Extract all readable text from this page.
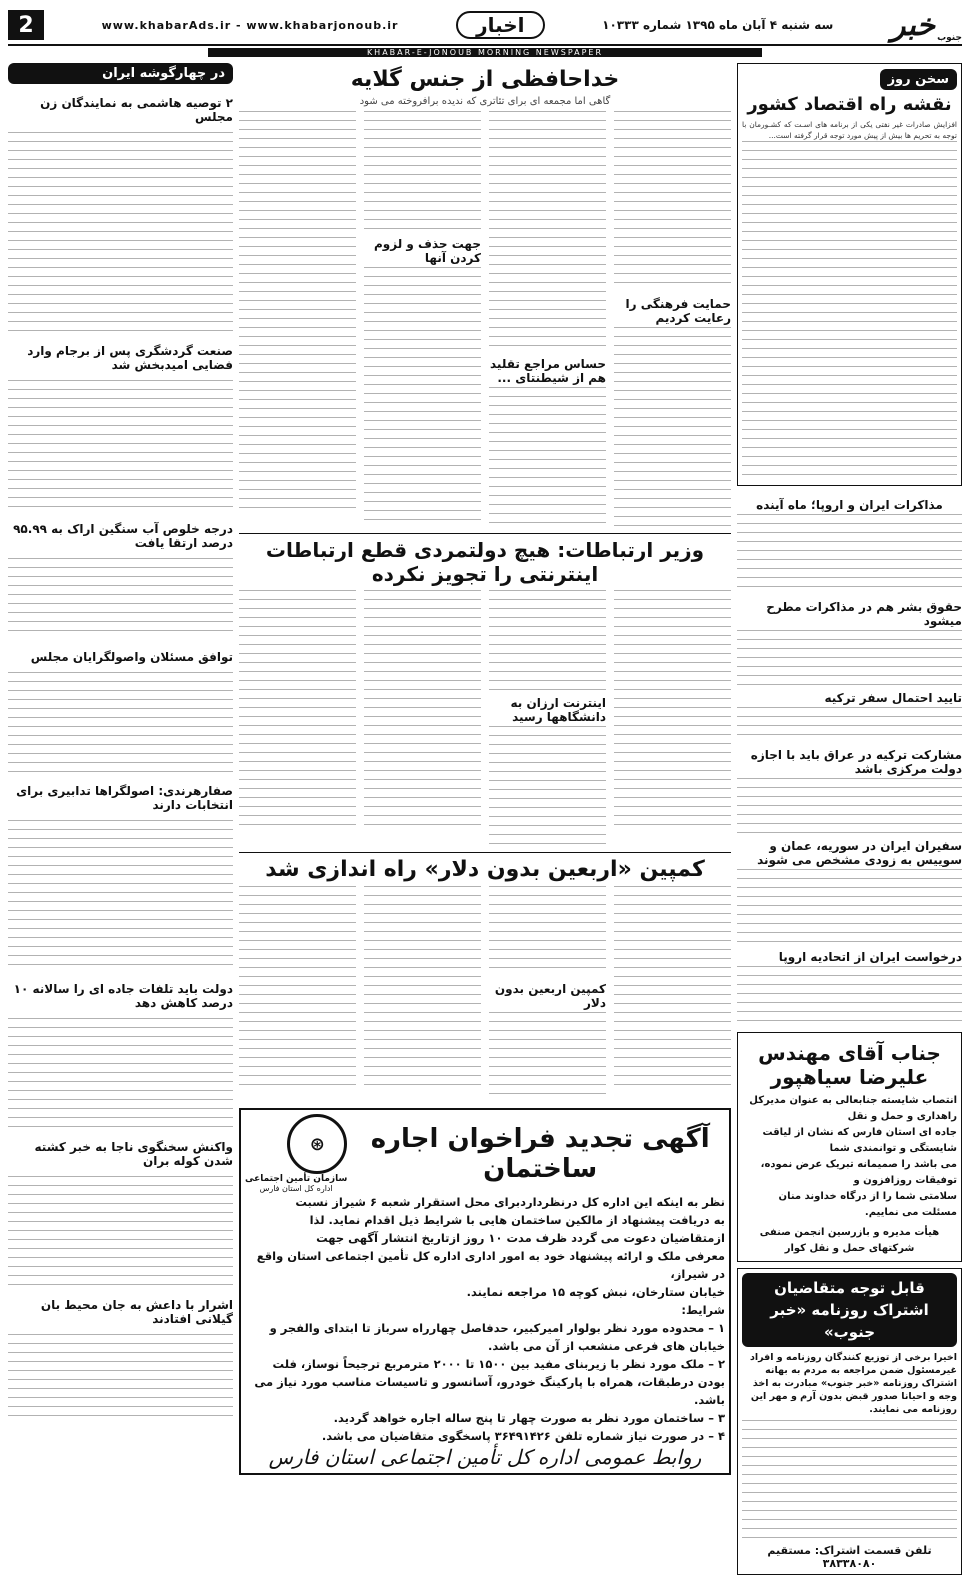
2	www.khabarAds.ir - www.khabarjonoub.ir	اخبار	سه شنبه ۴ آبان ماه ۱۳۹۵ شماره ۱۰۳۳۳ خبر جنوب
KHABAR-E-JONOUB MORNING NEWSPAPER
سخن روز
نقشه راه اقتصاد کشور
افزایش صادرات غیر نفتی یکی از برنامه های اسـت که کشـورمان با توجه به تحریم ها بیش از پیش مورد توجه قرار گرفته است...
مذاکرات ایران و اروپا؛ ماه آینده
حقوق بشر هم در مذاکرات مطرح میشود
تایید احتمال سفر ترکیه
مشارکت ترکیه در عراق باید با اجازه دولت مرکزی باشد
سفیران ایران در سوریه، عمان و سوییس به زودی مشخص می شوند
درخواست ایران از اتحادیه اروپا
جناب آقای مهندس علیرضا سیاهپور
انتصاب شایسته جنابعالی به عنوان مدیرکل راهداری و حمل و نقل
جاده ای استان فارس که نشان از لیاقت شایستگی و توانمندی شما
می باشد را صمیمانه تبریک عرض نموده، توفیقات روزافزون و
سلامتی شما را از درگاه خداوند منان مسئلت می نماییم.
هیأت مدیره و بازرسین انجمن صنفی
شرکتهای حمل و نقل کوار
قابل توجه متقاضیان
اشتراک روزنامه «خبر جنوب»
اخیرا برخی از توزیع کنندگان روزنامه و افراد غیرمسئول ضمن مراجعه به مردم به بهانه اشتراک روزنامه «خبر جنوب» مبادرت به اخذ وجه و احیانا صدور قبض بدون آرم و مهر این روزنامه می نمایند.
تلفن قسمت اشتراک: مستقیم ۳۸۳۳۸۰۸۰
خداحافظی از جنس گلایه
گاهی اما مجمعه ای برای تئاتری که ندیده برافروخته می شود
حمایت فرهنگی را رعایت کردیم
حساس مراجع تقلید هم از شیطنتای ...
جهت حذف و لزوم کردن آنها
وزیر ارتباطات: هیچ دولتمردی قطع ارتباطات اینترنتی را تجویز نکرده
اینترنت ارزان به دانشگاهها رسید
کمپین «اربعین بدون دلار» راه اندازی شد
کمپین اربعین بدون دلار
آگهی تجدید فراخوان اجاره ساختمان
⊛
سازمان تأمین اجتماعی
اداره کل استان فارس
نظر به اینکه این اداره کل درنظرداردبرای محل استقرار شعبه ۶ شیراز نسبت
به دریافت پیشنهاد از مالکین ساختمان هایی با شرایط ذیل اقدام نماید. لذا
ازمتقاضیان دعوت می گردد ظرف مدت ۱۰ روز ازتاریخ انتشار آگهی جهت
معرفی ملک و ارائه پیشنهاد خود به امور اداری اداره کل تأمین اجتماعی استان واقع در شیراز،
خیابان ستارخان، نبش کوچه ۱۵ مراجعه نمایند.
شرایط:
۱ – محدوده مورد نظر بولوار امیرکبیر، حدفاصل چهارراه سرباز تا ابتدای والفجر و خیابان های فرعی منشعب از آن می باشد.
۲ – ملک مورد نظر با زیربنای مفید بین ۱۵۰۰ تا ۲۰۰۰ مترمربع ترجیحاً نوساز، فلت بودن درطبقات، همراه با پارکینگ خودرو، آسانسور و تاسیسات مناسب مورد نیاز می باشد.
۳ – ساختمان مورد نظر به صورت چهار تا پنج ساله اجاره خواهد گردید.
۴ – در صورت نیاز شماره تلفن ۳۶۴۹۱۴۲۶ پاسخگوی متقاضیان می باشد.
روابط عمومی اداره کل تأمین اجتماعی استان فارس
در چهارگوشه ایران
۲ توصیه هاشمی به نمایندگان زن مجلس
صنعت گردشگری پس از برجام وارد فضایی امیدبخش شد
درجه خلوص آب سنگین اراک به ۹۵.۹۹ درصد ارتقا یافت
توافق مسئلان واصولگرایان مجلس
صفارهرندی: اصولگراها تدابیری برای انتخابات دارند
دولت باید تلفات جاده ای را سالانه ۱۰ درصد کاهش دهد
واکنش سخنگوی ناجا به خبر کشته شدن کوله بران
اشرار با داعش به جان محیط بان گیلانی افتادند
